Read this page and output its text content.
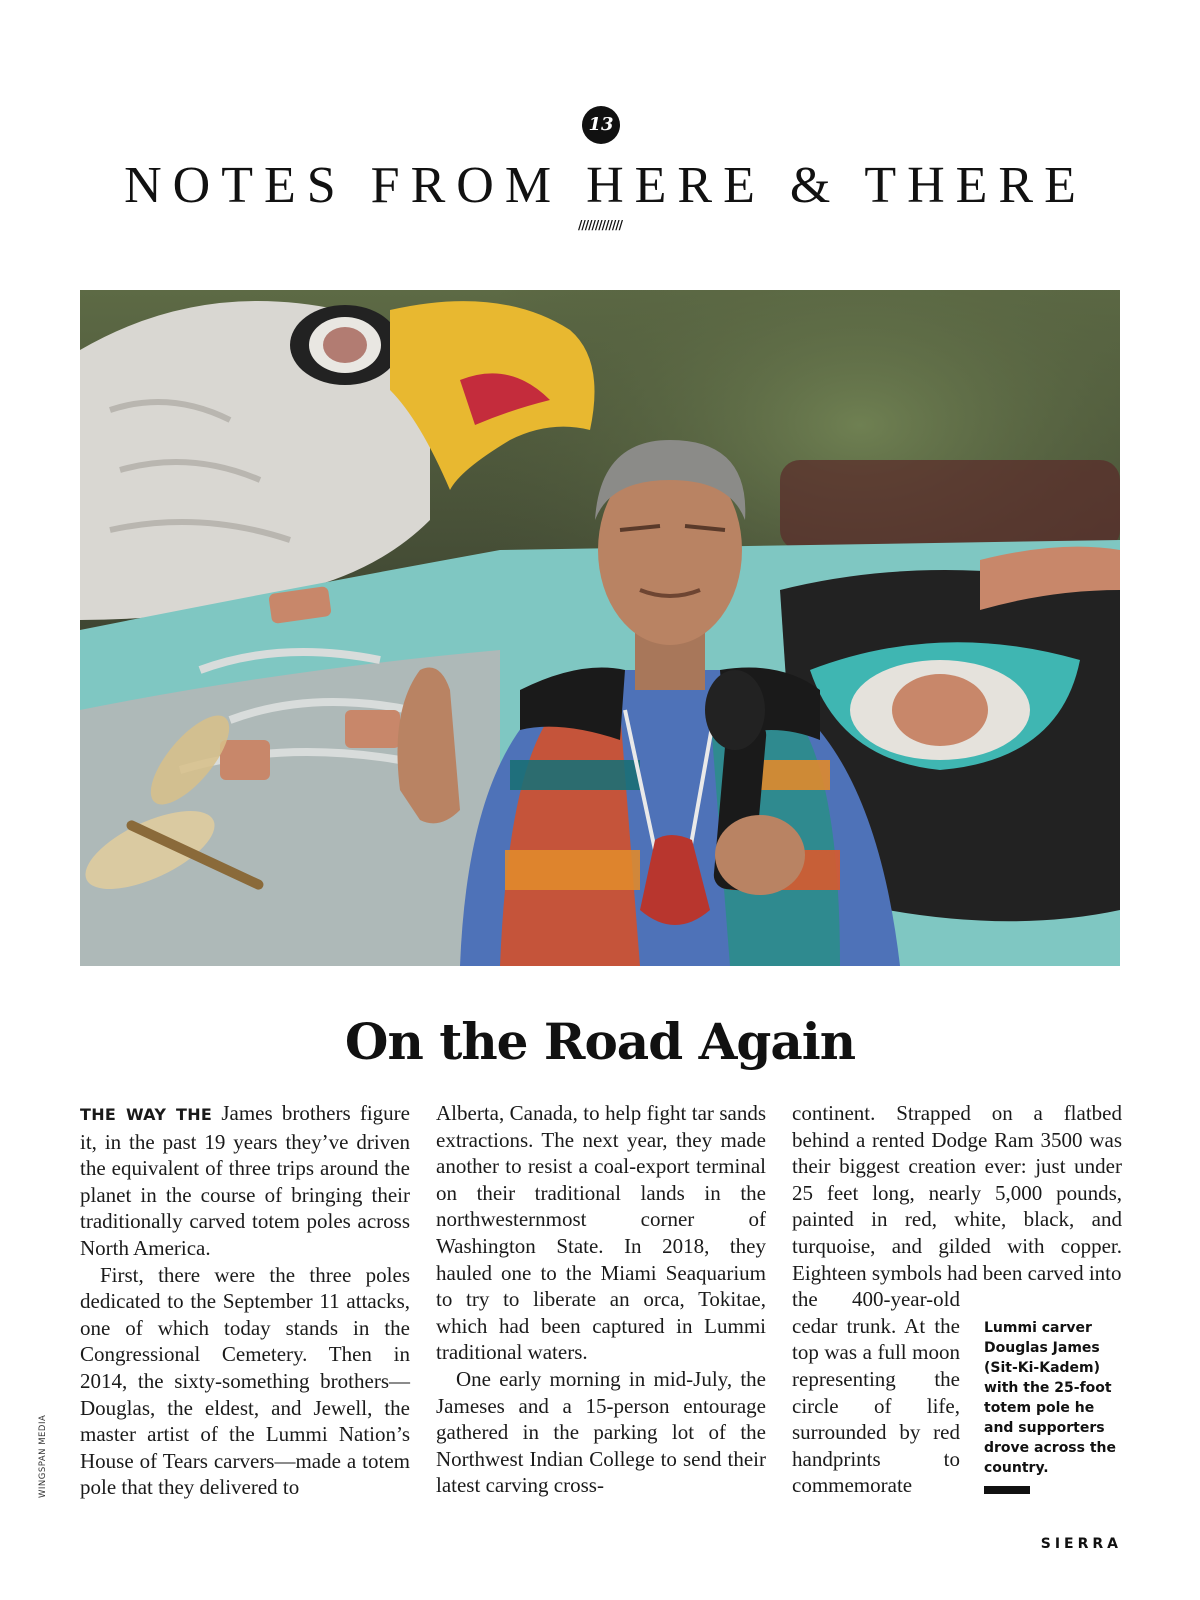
13
NOTES FROM HERE & THERE
/////////////
On the Road Again

THE WAY THE James brothers figure it, in the past 19 years they’ve driven the equivalent of three trips around the planet in the course of bringing their traditionally carved totem poles across North America.

First, there were the three poles dedicated to the September 11 attacks, one of which today stands in the Congressional Cemetery. Then in 2014, the sixty-something brothers—Douglas, the eldest, and Jewell, the master artist of the Lummi Nation’s House of Tears carvers—made a totem pole that they delivered to

Alberta, Canada, to help fight tar sands extractions. The next year, they made another to resist a coal-export terminal on their traditional lands in the northwesternmost corner of Washington State. In 2018, they hauled one to the Miami Seaquarium to try to liberate an orca, Tokitae, which had been captured in Lummi traditional waters.

One early morning in mid-July, the Jameses and a 15-person entourage gathered in the parking lot of the Northwest Indian College to send their latest carving cross-

continent. Strapped on a flatbed behind a rented Dodge Ram 3500 was their biggest creation ever: just under 25 feet long, nearly 5,000 pounds, painted in red, white, black, and turquoise, and gilded with copper. Eighteen symbols had been carved into

the 400-year-old cedar trunk. At the top was a full moon representing the circle of life, surrounded by red handprints to commemorate

Lummi carver Douglas James (Sit-Ki-Kadem) with the 25-foot totem pole he and supporters drove across the country.
WINGSPAN MEDIA
SIERRA
